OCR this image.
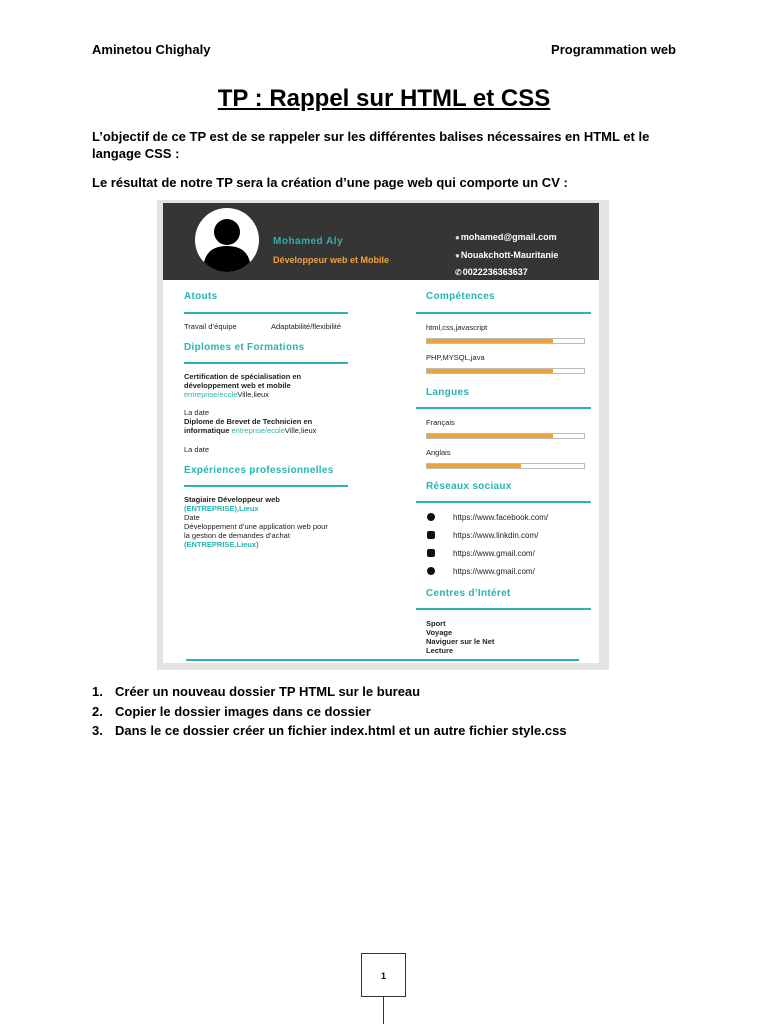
Aminetou Chighaly	Programmation web
TP : Rappel sur HTML et CSS
L’objectif de ce TP est de se rappeler sur les différentes balises nécessaires en HTML et le langage CSS :
Le résultat de notre TP sera la création d’une page web qui comporte un CV :
Mohamed Aly
Développeur web et Mobile
●mohamed@gmail.com
●Nouakchott-Mauritanie
✆0022236363637
Atouts
Travail d’équipe	Adaptabilité/flexibilité
Diplomes et Formations
Certification de spécialisation en
développement web et mobile
entreprise/ecoleVille,lieux
La date
Diplome de Brevet de Technicien en
informatique entreprise/ecoleVille,lieux
La date
Expériences professionnelles
Stagiaire Développeur web
(ENTREPRISE),Lieux
Date
Développement d’une application web pour
la gestion de demandes d’achat
(ENTREPRISE,Lieux)
Compétences
html,css,javascript
PHP,MYSQL,java
Langues
Français
Anglais
Réseaux sociaux
https://www.facebook.com/
https://www.linkdin.com/
https://www.gmail.com/
https://www.gmail.com/
Centres d’Intéret
Sport
Voyage
Naviguer sur le Net
Lecture
1. Créer un nouveau dossier TP HTML sur le bureau
2. Copier le dossier images dans ce dossier
3. Dans le ce dossier créer un fichier index.html et un autre fichier style.css
1
